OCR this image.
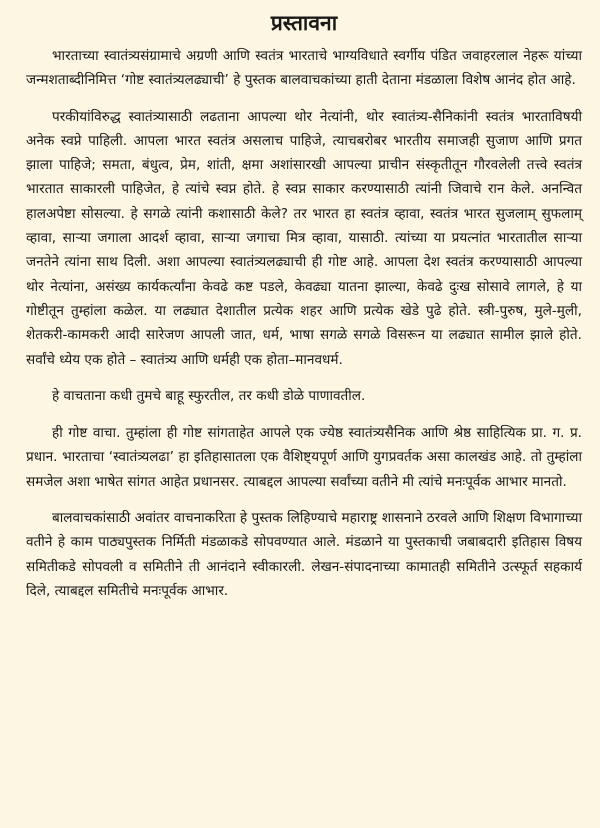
प्रस्तावना

भारताच्या स्वातंत्र्यसंग्रामाचे अग्रणी आणि स्वतंत्र भारताचे भाग्यविधाते स्वर्गीय पंडित जवाहरलाल नेहरू यांच्या जन्मशताब्दीनिमित्त ‘गोष्ट स्वातंत्र्यलढ्याची’ हे पुस्तक बालवाचकांच्या हाती देताना मंडळाला विशेष आनंद होत आहे.

परकीयांविरुद्ध स्वातंत्र्यासाठी लढताना आपल्या थोर नेत्यांनी, थोर स्वातंत्र्य-सैनिकांनी स्वतंत्र भारताविषयी अनेक स्वप्ने पाहिली. आपला भारत स्वतंत्र असलाच पाहिजे, त्याचबरोबर भारतीय समाजही सुजाण आणि प्रगत झाला पाहिजे; समता, बंधुत्व, प्रेम, शांती, क्षमा अशांसारखी आपल्या प्राचीन संस्कृतीतून गौरवलेली तत्त्वे स्वतंत्र भारतात साकारली पाहिजेत, हे त्यांचे स्वप्न होते. हे स्वप्न साकार करण्यासाठी त्यांनी जिवाचे रान केले. अनन्वित हालअपेष्टा सोसल्या. हे सगळे त्यांनी कशासाठी केले? तर भारत हा स्वतंत्र व्हावा, स्वतंत्र भारत सुजलाम् सुफलाम् व्हावा, साऱ्या जगाला आदर्श व्हावा, साऱ्या जगाचा मित्र व्हावा, यासाठी. त्यांच्या या प्रयत्नांत भारतातील साऱ्या जनतेने त्यांना साथ दिली. अशा आपल्या स्वातंत्र्यलढ्याची ही गोष्ट आहे. आपला देश स्वतंत्र करण्यासाठी आपल्या थोर नेत्यांना, असंख्य कार्यकर्त्यांना केवढे कष्ट पडले, केवढ्या यातना झाल्या, केवढे दुःख सोसावे लागले, हे या गोष्टीतून तुम्हांला कळेल. या लढ्यात देशातील प्रत्येक शहर आणि प्रत्येक खेडे पुढे होते. स्त्री-पुरुष, मुले-मुली, शेतकरी-कामकरी आदी सारेजण आपली जात, धर्म, भाषा सगळे सगळे विसरून या लढ्यात सामील झाले होते. सर्वांचे ध्येय एक होते – स्वातंत्र्य आणि धर्मही एक होता–मानवधर्म.

हे वाचताना कधी तुमचे बाहू स्फुरतील, तर कधी डोळे पाणावतील.

ही गोष्ट वाचा. तुम्हांला ही गोष्ट सांगताहेत आपले एक ज्येष्ठ स्वातंत्र्यसैनिक आणि श्रेष्ठ साहित्यिक प्रा. ग. प्र. प्रधान. भारताचा ‘स्वातंत्र्यलढा’ हा इतिहासातला एक वैशिष्ट्यपूर्ण आणि युगप्रवर्तक असा कालखंड आहे. तो तुम्हांला समजेल अशा भाषेत सांगत आहेत प्रधानसर. त्याबद्दल आपल्या सर्वांच्या वतीने मी त्यांचे मनःपूर्वक आभार मानतो.

बालवाचकांसाठी अवांतर वाचनाकरिता हे पुस्तक लिहिण्याचे महाराष्ट्र शासनाने ठरवले आणि शिक्षण विभागाच्या वतीने हे काम पाठ्यपुस्तक निर्मिती मंडळाकडे सोपवण्यात आले. मंडळाने या पुस्तकाची जबाबदारी इतिहास विषय समितीकडे सोपवली व समितीने ती आनंदाने स्वीकारली. लेखन-संपादनाच्या कामातही समितीने उत्स्फूर्त सहकार्य दिले, त्याबद्दल समितीचे मनःपूर्वक आभार.
